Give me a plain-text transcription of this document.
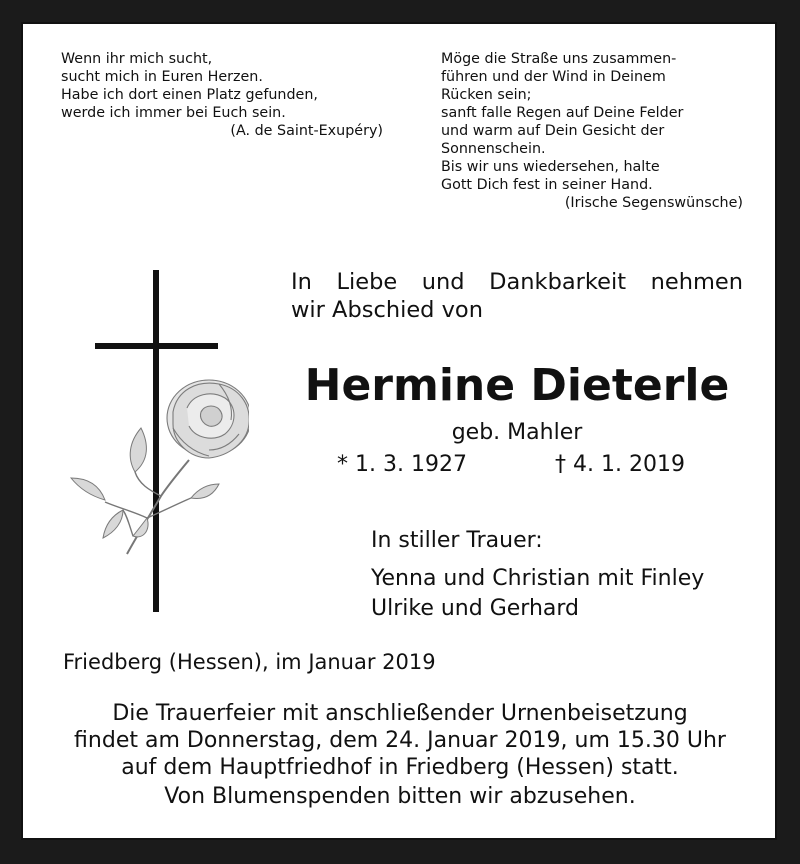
Wenn ihr mich sucht,
sucht mich in Euren Herzen.
Habe ich dort einen Platz gefunden,
werde ich immer bei Euch sein.
(A. de Saint-Exupéry)
Möge die Straße uns zusammen-
führen und der Wind in Deinem
Rücken sein;
sanft falle Regen auf Deine Felder
und warm auf Dein Gesicht der
Sonnenschein.
Bis wir uns wiedersehen, halte
Gott Dich fest in seiner Hand.
(Irische Segenswünsche)
In Liebe und Dankbarkeit nehmen
wir Abschied von
Hermine Dieterle
geb. Mahler
* 1. 3. 1927	† 4. 1. 2019
In stiller Trauer:
Yenna und Christian mit Finley
Ulrike und Gerhard
Friedberg (Hessen), im Januar 2019
Die Trauerfeier mit anschließender Urnenbeisetzung
findet am Donnerstag, dem 24. Januar 2019, um 15.30 Uhr
auf dem Hauptfriedhof in Friedberg (Hessen) statt.
Von Blumenspenden bitten wir abzusehen.
